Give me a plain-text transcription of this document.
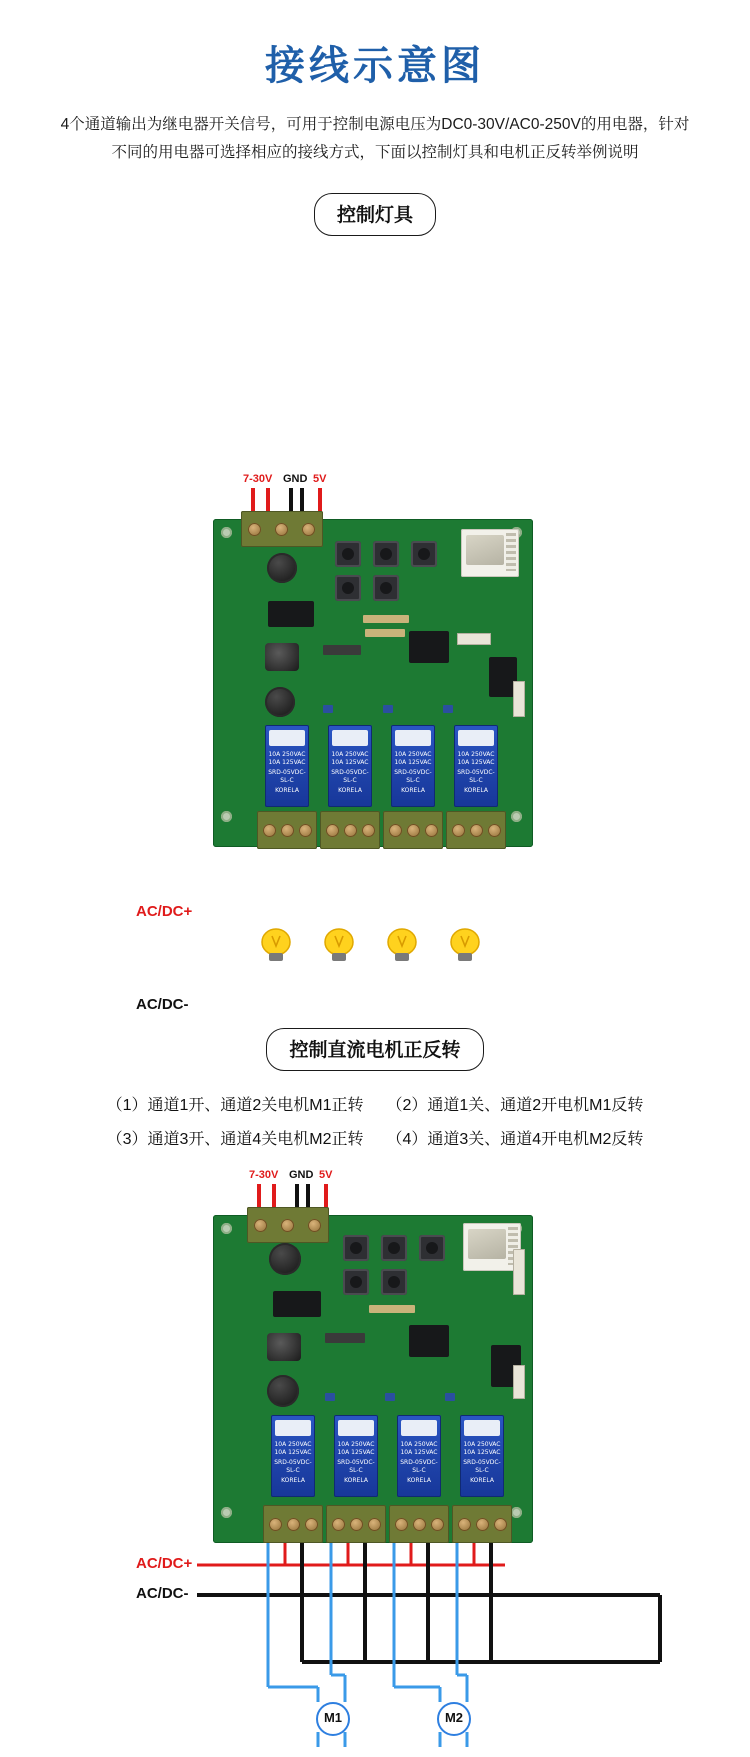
接线示意图
4个通道输出为继电器开关信号，可用于控制电源电压为DC0-30V/AC0-250V的用电器，针对
不同的用电器可选择相应的接线方式，下面以控制灯具和电机正反转举例说明
控制灯具
7-30V GND 5V
10A 250VAC 10A 125VAC
SRD-05VDC-SL-C
KORELA
10A 250VAC 10A 125VAC
SRD-05VDC-SL-C
KORELA
10A 250VAC 10A 125VAC
SRD-05VDC-SL-C
KORELA
10A 250VAC 10A 125VAC
SRD-05VDC-SL-C
KORELA
AC/DC+
AC/DC-
控制直流电机正反转
（1）通道1开、通道2关电机M1正转 （2）通道1关、通道2开电机M1反转
（3）通道3开、通道4关电机M2正转 （4）通道3关、通道4开电机M2反转
7-30V GND 5V
10A 250VAC 10A 125VAC
SRD-05VDC-SL-C
KORELA
10A 250VAC 10A 125VAC
SRD-05VDC-SL-C
KORELA
10A 250VAC 10A 125VAC
SRD-05VDC-SL-C
KORELA
10A 250VAC 10A 125VAC
SRD-05VDC-SL-C
KORELA
AC/DC+
AC/DC-
M1	M2
